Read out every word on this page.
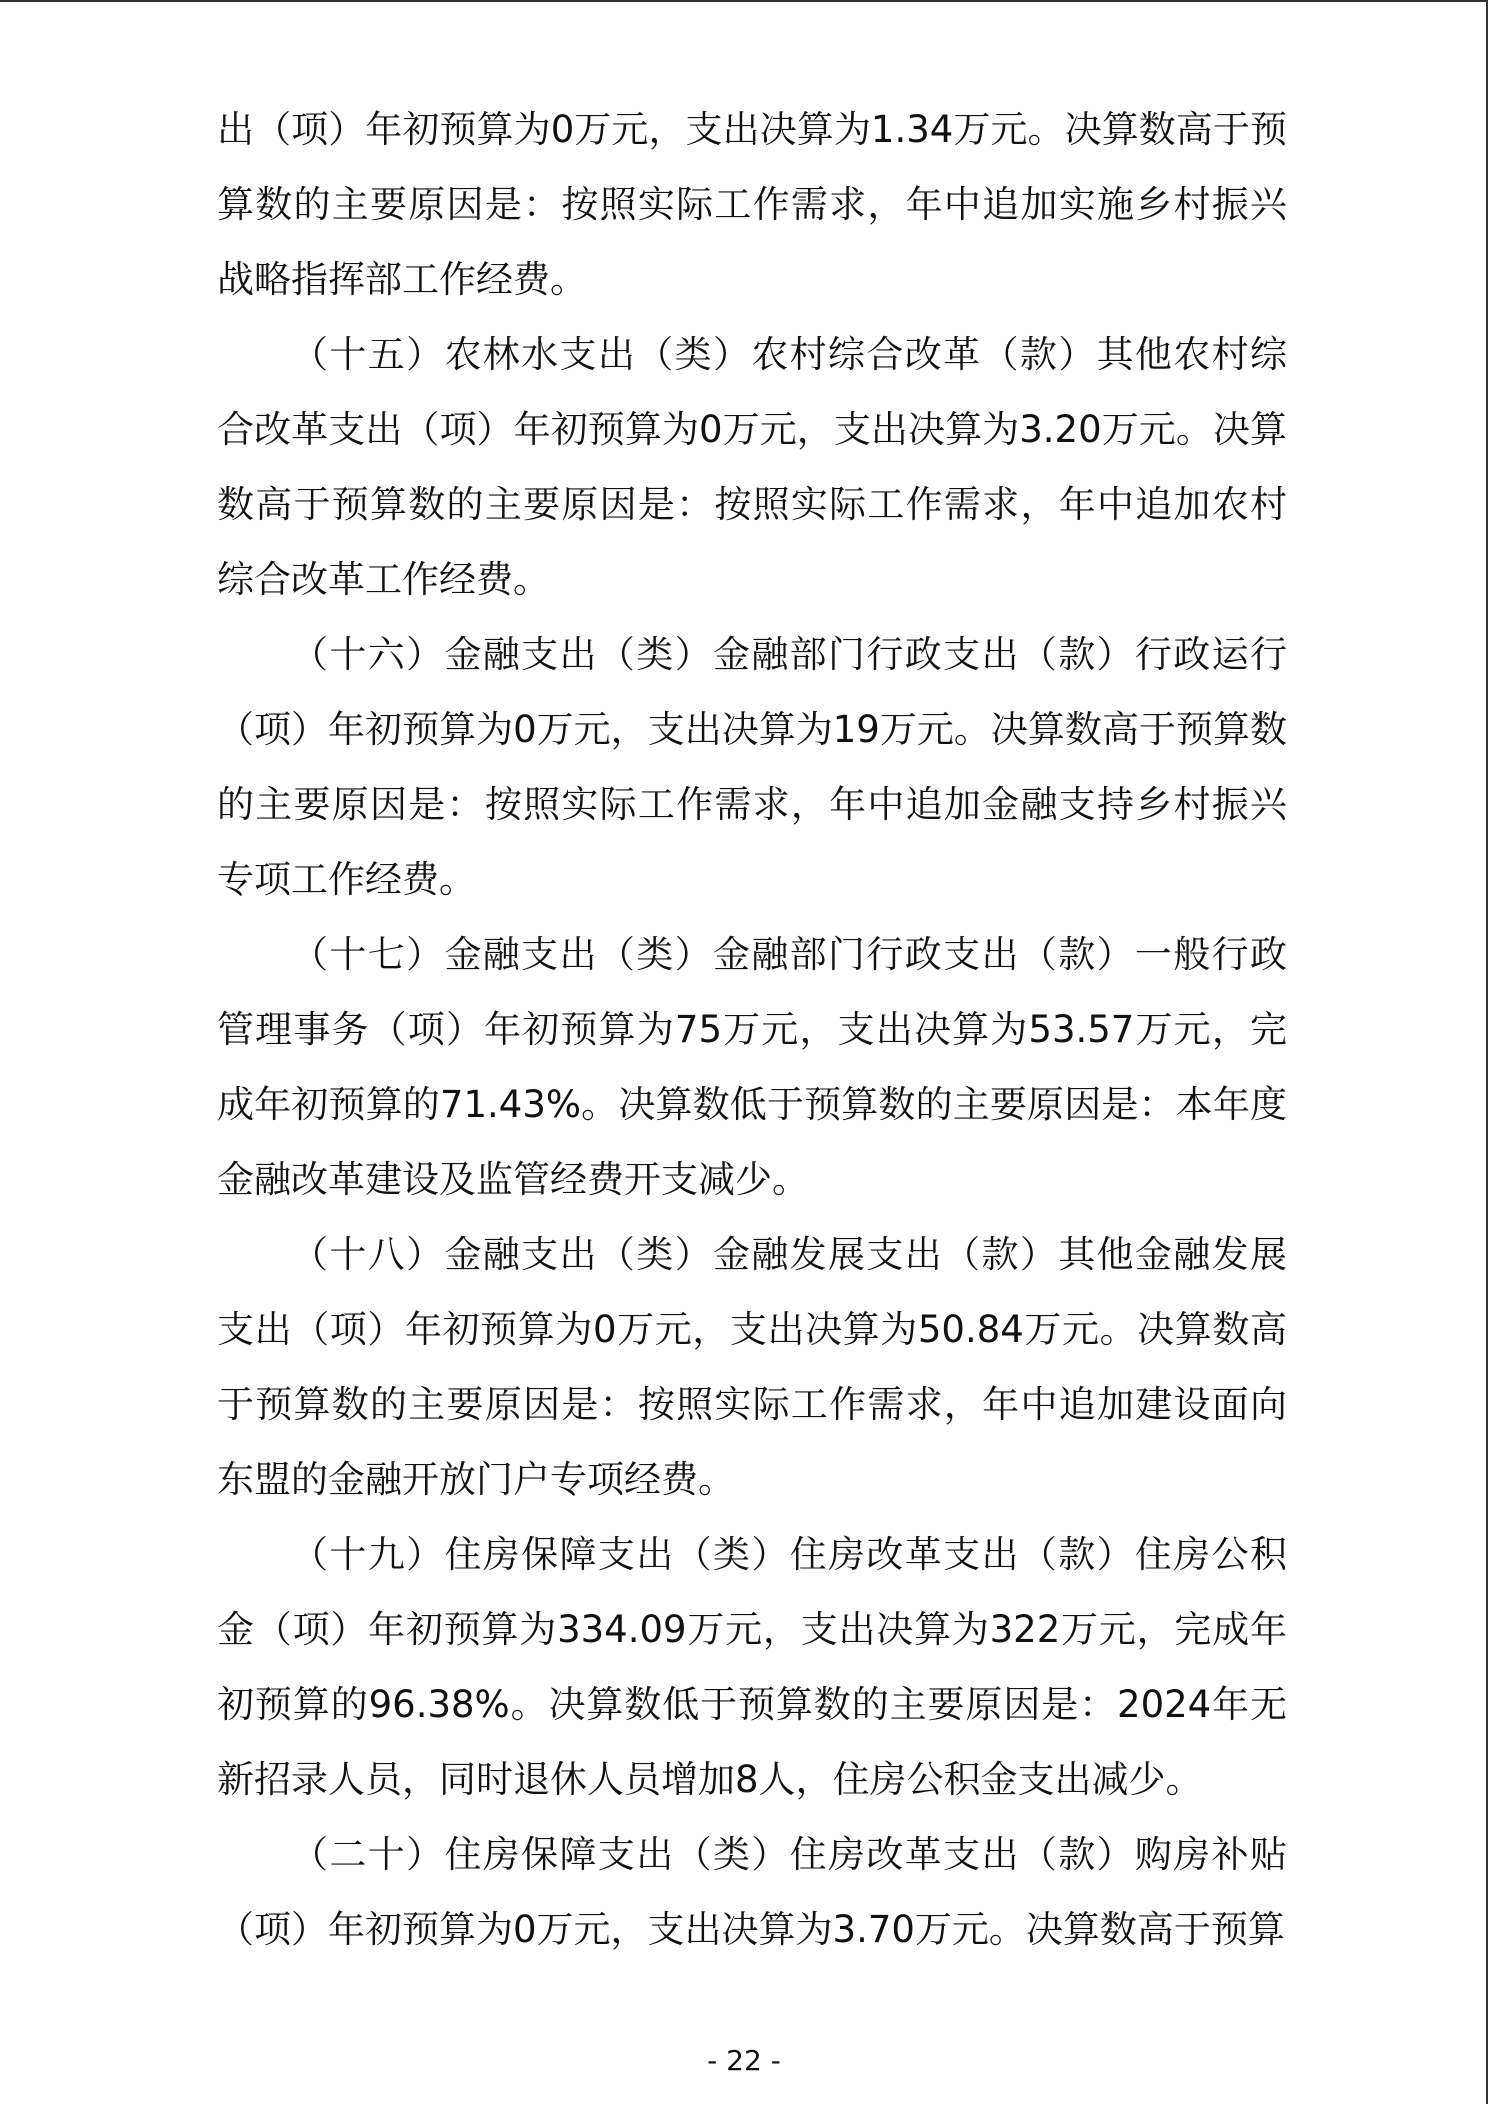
出（项）年初预算为0万元，支出决算为1.34万元。决算数高于预算数的主要原因是：按照实际工作需求，年中追加实施乡村振兴战略指挥部工作经费。

（十五）农林水支出（类）农村综合改革（款）其他农村综合改革支出（项）年初预算为0万元，支出决算为3.20万元。决算数高于预算数的主要原因是：按照实际工作需求，年中追加农村综合改革工作经费。

（十六）金融支出（类）金融部门行政支出（款）行政运行（项）年初预算为0万元，支出决算为19万元。决算数高于预算数的主要原因是：按照实际工作需求，年中追加金融支持乡村振兴专项工作经费。

（十七）金融支出（类）金融部门行政支出（款）一般行政管理事务（项）年初预算为75万元，支出决算为53.57万元，完成年初预算的71.43%。决算数低于预算数的主要原因是：本年度金融改革建设及监管经费开支减少。

（十八）金融支出（类）金融发展支出（款）其他金融发展支出（项）年初预算为0万元，支出决算为50.84万元。决算数高于预算数的主要原因是：按照实际工作需求，年中追加建设面向东盟的金融开放门户专项经费。

（十九）住房保障支出（类）住房改革支出（款）住房公积金（项）年初预算为334.09万元，支出决算为322万元，完成年初预算的96.38%。决算数低于预算数的主要原因是：2024年无新招录人员，同时退休人员增加8人，住房公积金支出减少。

（二十）住房保障支出（类）住房改革支出（款）购房补贴（项）年初预算为0万元，支出决算为3.70万元。决算数高于预算

- 22 -
